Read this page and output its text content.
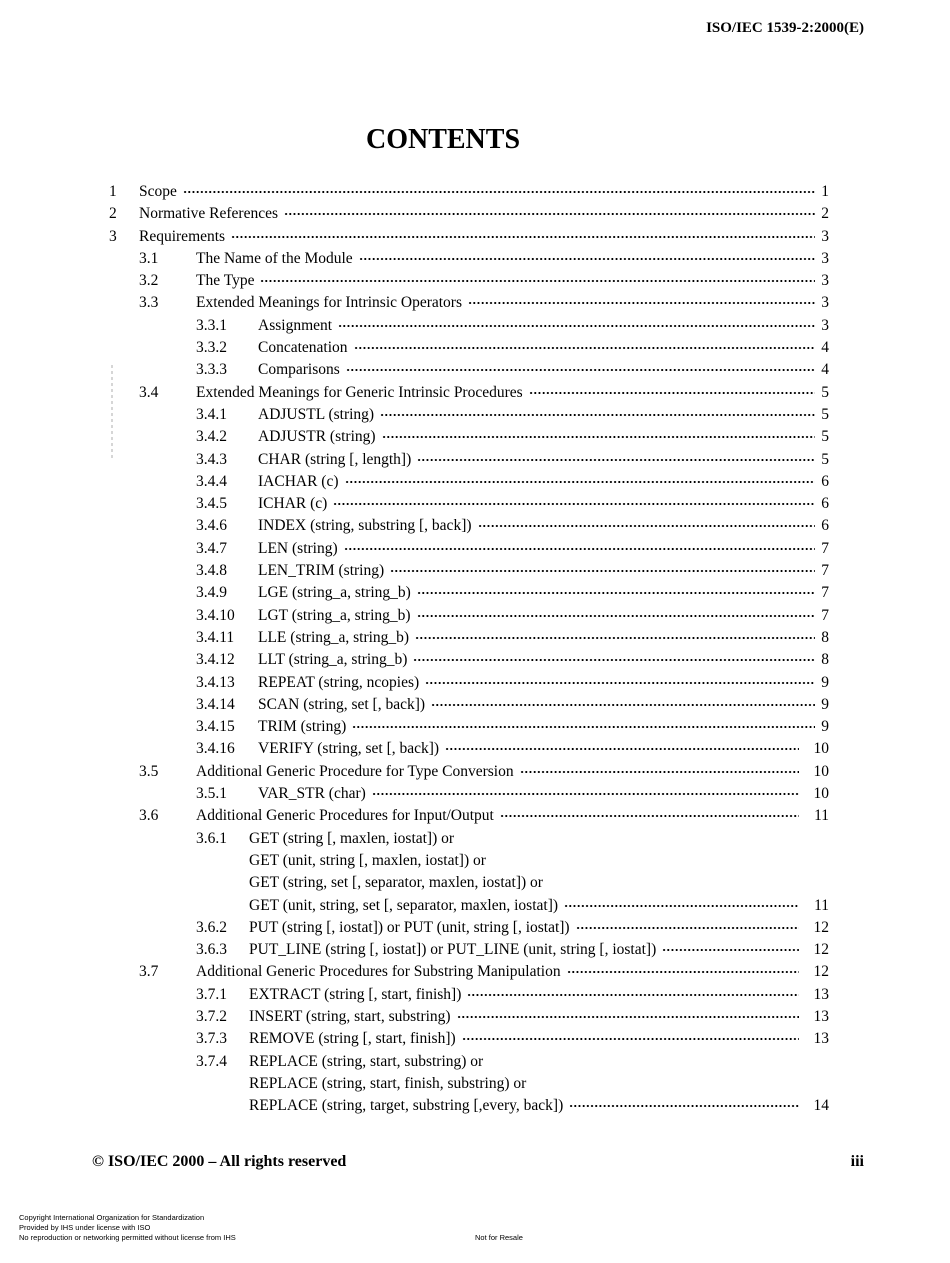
ISO/IEC 1539-2:2000(E)
CONTENTS
1 Scope	1
2 Normative References	2
3 Requirements	3
3.1 The Name of the Module	3
3.2 The Type	3
3.3 Extended Meanings for Intrinsic Operators	3
3.3.1 Assignment	3
3.3.2 Concatenation	4
3.3.3 Comparisons	4
3.4 Extended Meanings for Generic Intrinsic Procedures	5
3.4.1 ADJUSTL (string)	5
3.4.2 ADJUSTR (string)	5
3.4.3 CHAR (string [, length])	5
3.4.4 IACHAR (c)	6
3.4.5 ICHAR (c)	6
3.4.6 INDEX (string, substring [, back])	6
3.4.7 LEN (string)	7
3.4.8 LEN_TRIM (string)	7
3.4.9 LGE (string_a, string_b)	7
3.4.10 LGT (string_a, string_b)	7
3.4.11 LLE (string_a, string_b)	8
3.4.12 LLT (string_a, string_b)	8
3.4.13 REPEAT (string, ncopies)	9
3.4.14 SCAN (string, set [, back])	9
3.4.15 TRIM (string)	9
3.4.16 VERIFY (string, set [, back])	10
3.5 Additional Generic Procedure for Type Conversion	10
3.5.1 VAR_STR (char)	10
3.6 Additional Generic Procedures for Input/Output	11
3.6.1 GET (string [, maxlen, iostat]) or
GET (unit, string [, maxlen, iostat]) or
GET (string, set [, separator, maxlen, iostat]) or
GET (unit, string, set [, separator, maxlen, iostat])	11
3.6.2 PUT (string [, iostat]) or PUT (unit, string [, iostat])	12
3.6.3 PUT_LINE (string [, iostat]) or PUT_LINE (unit, string [, iostat])	12
3.7 Additional Generic Procedures for Substring Manipulation	12
3.7.1 EXTRACT (string [, start, finish])	13
3.7.2 INSERT (string, start, substring)	13
3.7.3 REMOVE (string [, start, finish])	13
3.7.4 REPLACE (string, start, substring) or
REPLACE (string, start, finish, substring) or
REPLACE (string, target, substring [,every, back])	14
© ISO/IEC 2000 – All rights reserved	iii
Copyright International Organization for Standardization
Provided by IHS under license with ISO
No reproduction or networking permitted without license from IHS	Not for Resale
